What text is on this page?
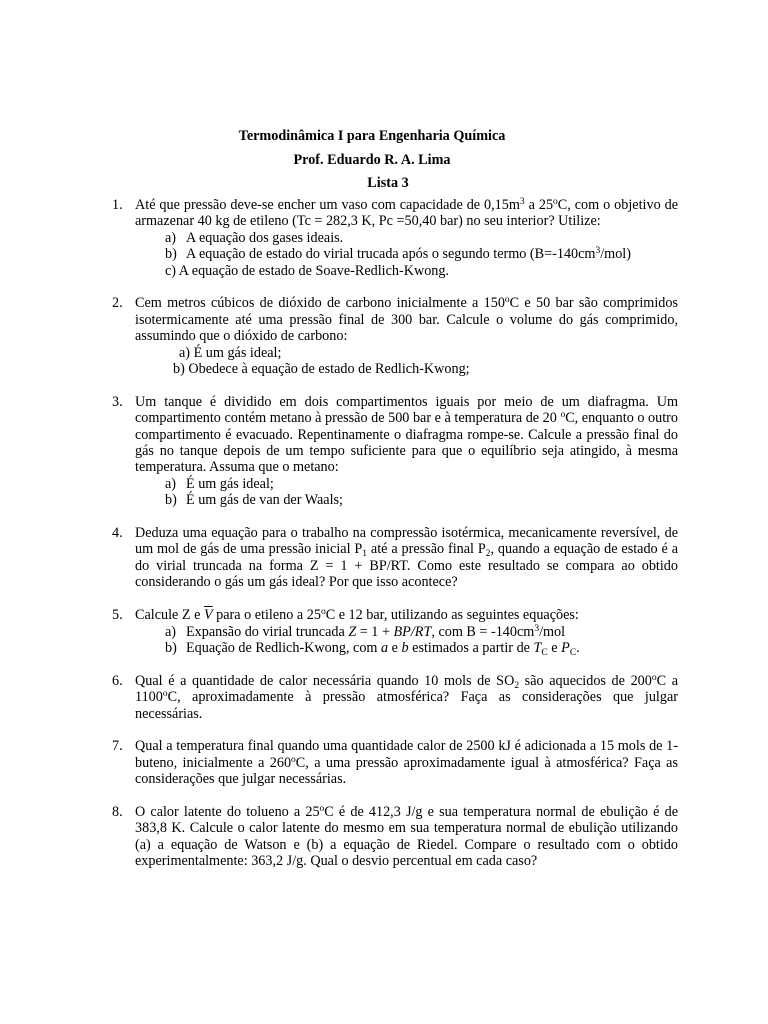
Termodinâmica I para Engenharia Química
Prof. Eduardo R. A. Lima
Lista 3
1. Até que pressão deve-se encher um vaso com capacidade de $0,15m^3$ a 25$^o$C, com o objetivo de armazenar 40 kg de etileno (Tc = 282,3 K, Pc =50,40 bar) no seu interior? Utilize:
a) A equação dos gases ideais.
b) A equação de estado do virial trucada após o segundo termo $(B=-140cm^3/mol)$
c) A equação de estado de Soave-Redlich-Kwong.
2. Cem metros cúbicos de dióxido de carbono inicialmente a 150$^o$C e 50 bar são comprimidos isotermicamente até uma pressão final de 300 bar. Calcule o volume do gás comprimido, assumindo que o dióxido de carbono:
a) É um gás ideal;
b) Obedece à equação de estado de Redlich-Kwong;
3. Um tanque é dividido em dois compartimentos iguais por meio de um diafragma. Um compartimento contém metano à pressão de 500 bar e à temperatura de 20 $^o$C, enquanto o outro compartimento é evacuado. Repentinamente o diafragma rompe-se. Calcule a pressão final do gás no tanque depois de um tempo suficiente para que o equilíbrio seja atingido, à mesma temperatura. Assuma que o metano:
a) É um gás ideal;
b) É um gás de van der Waals;
4. Deduza uma equação para o trabalho na compressão isotérmica, mecanicamente reversível, de um mol de gás de uma pressão inicial $P_1$ até a pressão final $P_2$, quando a equação de estado é a do virial truncada na forma Z = 1 + BP/RT. Como este resultado se compara ao obtido considerando o gás um gás ideal? Por que isso acontece?
5. Calcule Z e $\overline{V}$ para o etileno a 25$^o$C e 12 bar, utilizando as seguintes equações:
a) Expansão do virial truncada Z = 1 + BP/RT, com $B = -140cm^3$/mol
b) Equação de Redlich-Kwong, com a e b estimados a partir de $T_C$ e $P_C$.
6. Qual é a quantidade de calor necessária quando 10 mols de $SO_2$ são aquecidos de 200$^o$C a 1100$^o$C, aproximadamente à pressão atmosférica? Faça as considerações que julgar necessárias.
7. Qual a temperatura final quando uma quantidade calor de 2500 kJ é adicionada a 15 mols de 1-buteno, inicialmente a 260$^o$C, a uma pressão aproximadamente igual à atmosférica? Faça as considerações que julgar necessárias.
8. O calor latente do tolueno a 25$^o$C é de 412,3 J/g e sua temperatura normal de ebulição é de 383,8 K. Calcule o calor latente do mesmo em sua temperatura normal de ebulição utilizando (a) a equação de Watson e (b) a equação de Riedel. Compare o resultado com o obtido experimentalmente: 363,2 J/g. Qual o desvio percentual em cada caso?
